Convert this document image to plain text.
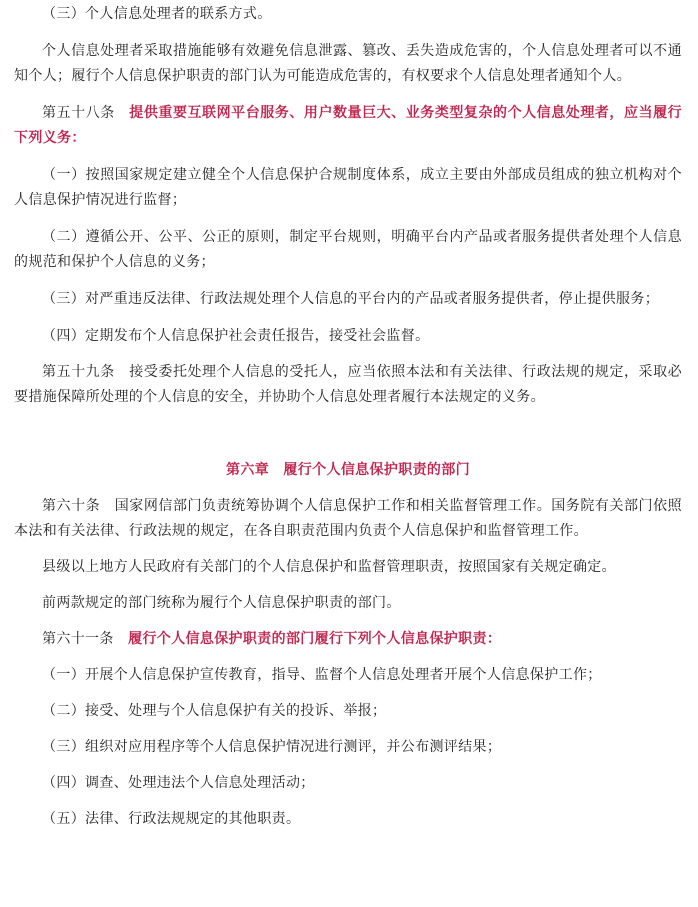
（三）个人信息处理者的联系方式。

个人信息处理者采取措施能够有效避免信息泄露、篡改、丢失造成危害的，个人信息处理者可以不通知个人；履行个人信息保护职责的部门认为可能造成危害的，有权要求个人信息处理者通知个人。

第五十八条　提供重要互联网平台服务、用户数量巨大、业务类型复杂的个人信息处理者，应当履行下列义务：

（一）按照国家规定建立健全个人信息保护合规制度体系，成立主要由外部成员组成的独立机构对个人信息保护情况进行监督；

（二）遵循公开、公平、公正的原则，制定平台规则，明确平台内产品或者服务提供者处理个人信息的规范和保护个人信息的义务；

（三）对严重违反法律、行政法规处理个人信息的平台内的产品或者服务提供者，停止提供服务；

（四）定期发布个人信息保护社会责任报告，接受社会监督。

第五十九条　接受委托处理个人信息的受托人，应当依照本法和有关法律、行政法规的规定，采取必要措施保障所处理的个人信息的安全，并协助个人信息处理者履行本法规定的义务。

第六章　履行个人信息保护职责的部门

第六十条　国家网信部门负责统筹协调个人信息保护工作和相关监督管理工作。国务院有关部门依照本法和有关法律、行政法规的规定，在各自职责范围内负责个人信息保护和监督管理工作。

县级以上地方人民政府有关部门的个人信息保护和监督管理职责，按照国家有关规定确定。

前两款规定的部门统称为履行个人信息保护职责的部门。

第六十一条　履行个人信息保护职责的部门履行下列个人信息保护职责：

（一）开展个人信息保护宣传教育，指导、监督个人信息处理者开展个人信息保护工作；

（二）接受、处理与个人信息保护有关的投诉、举报；

（三）组织对应用程序等个人信息保护情况进行测评，并公布测评结果；

（四）调查、处理违法个人信息处理活动；

（五）法律、行政法规规定的其他职责。
